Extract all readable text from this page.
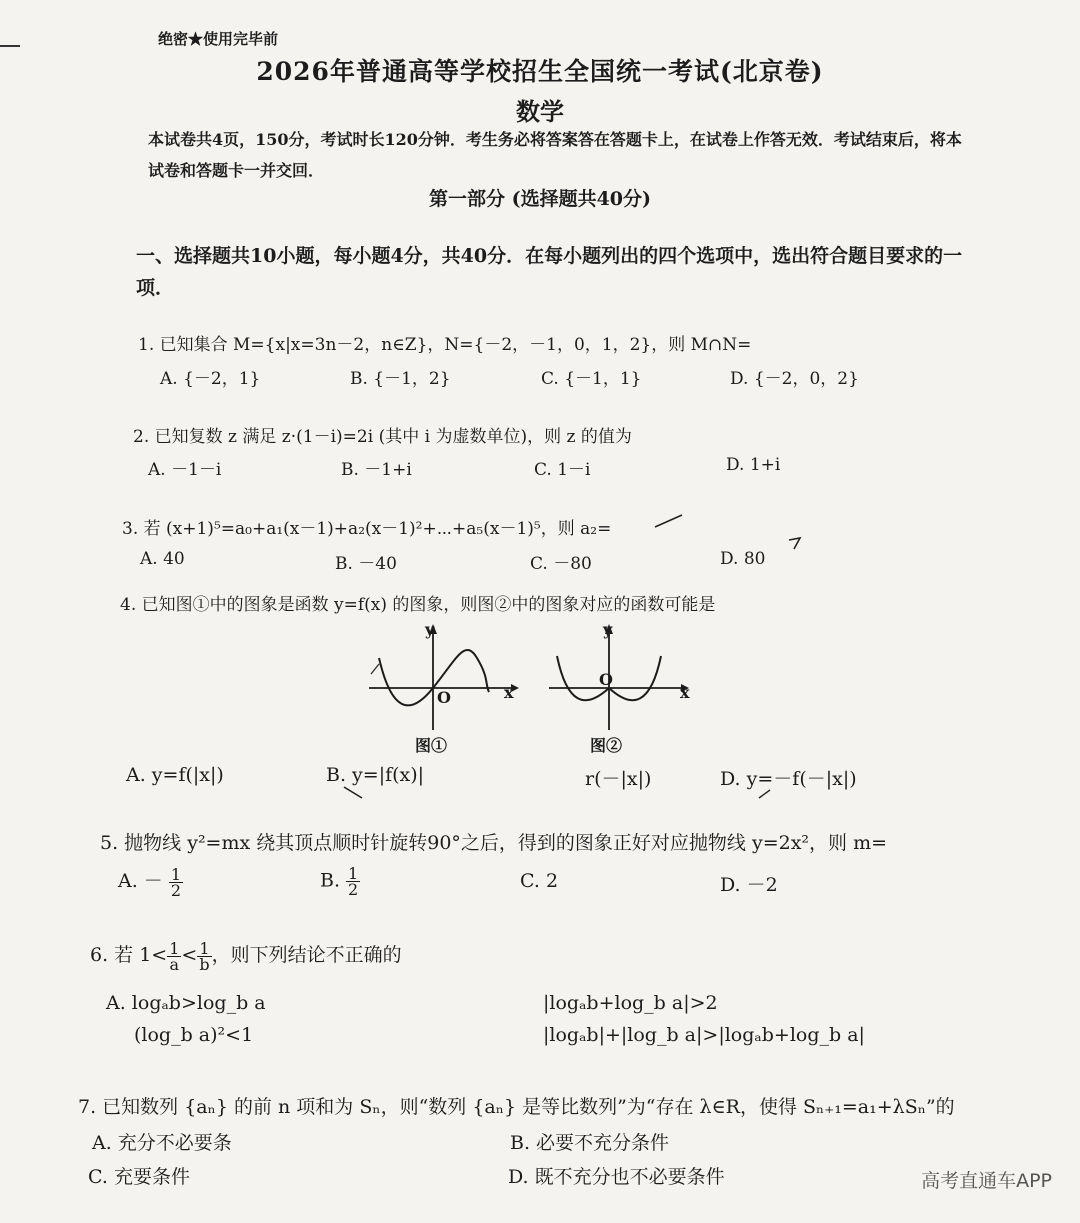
绝密★使用完毕前
2026年普通高等学校招生全国统一考试(北京卷)
数学
本试卷共4页，150分，考试时长120分钟．考生务必将答案答在答题卡上，在试卷上作答无效．考试结束后，将本试卷和答题卡一并交回．
第一部分 (选择题共40分)
一、选择题共10小题，每小题4分，共40分．在每小题列出的四个选项中，选出符合题目要求的一项．
1. 已知集合 M={x|x=3n－2，n∈Z}，N={－2，－1，0，1，2}，则 M∩N=
A. {－2，1}	B. {－1，2}	C. {－1，1}	D. {－2，0，2}
2. 已知复数 z 满足 z·(1－i)=2i (其中 i 为虚数单位)，则 z 的值为
A. －1－i	B. －1+i	C. 1－i	D. 1+i
3. 若 (x+1)⁵=a₀+a₁(x－1)+a₂(x－1)²+⋯+a₅(x－1)⁵，则 a₂=
A. 40	B. －40	C. －80	D. 80
4. 已知图①中的图象是函数 y=f(x) 的图象，则图②中的图象对应的函数可能是
y
O	x
图①
y
O
x
图②
A. y=f(|x|)	B. y=|f(x)|	r(－|x|)	D. y=－f(－|x|)
5. 抛物线 y²=mx 绕其顶点顺时针旋转90°之后，得到的图象正好对应抛物线 y=2x²，则 m=
A. － $\frac{1}{2}$	B. $\frac{1}{2}$	C. 2	D. －2
6. 若 $1< \frac{1}{a} < \frac{1}{b}$ ，则下列结论不正确的
A. logₐb>log_b a	|logₐb+log_b a|>2
(log_b a)²<1	|logₐb|+|log_b a|>|logₐb+log_b a|
7. 已知数列 {aₙ} 的前 n 项和为 Sₙ，则“数列 {aₙ} 是等比数列”为“存在 λ∈R，使得 Sₙ₊₁=a₁+λSₙ”的
A. 充分不必要条	B. 必要不充分条件
C. 充要条件	D. 既不充分也不必要条件	高考直通车APP
